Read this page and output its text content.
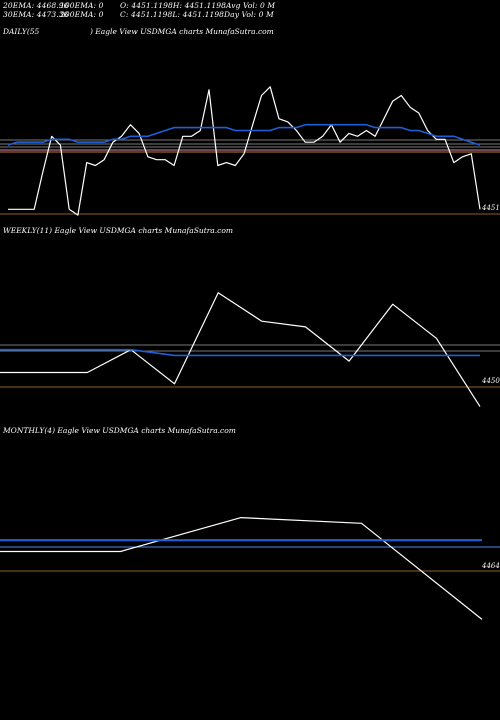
20EMA: 4468.96
100EMA: 0
30EMA: 4473.36
200EMA: 0
O: 4451.1198H: 4451.1198Avg Vol: 0 M
C: 4451.1198L: 4451.1198Day Vol: 0 M
DAILY(55	) Eagle View USDMGA charts MunafaSutra.com
4451
WEEKLY(11) Eagle View USDMGA charts MunafaSutra.com
4450
MONTHLY(4) Eagle View USDMGA charts MunafaSutra.com
4464
